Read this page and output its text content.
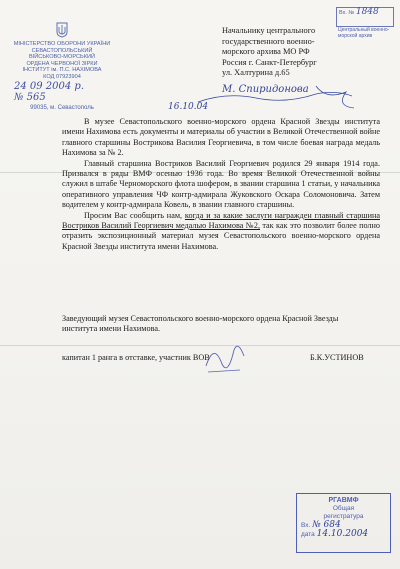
МІНІСТЕРСТВО ОБОРОНИ УКРАЇНИ
СЕВАСТОПОЛЬСЬКИЙ
ВІЙСЬКОВО-МОРСЬКИЙ
ОРДЕНА ЧЕРВОНОЇ ЗІРКИ
ІНСТИТУТ ім. П.С. НАХІМОВА
КОД 07923904
24 09 2004 р.
№ 565
99035, м. Севастополь
Вх. № 1848
Центральный военно-морской архив
Начальнику центрального
государственного военно-
морского архива МО РФ
Россия г. Санкт-Петербург
ул. Халтурина д.65
М. Спиридонова
16.10.04

В музее Севастопольского военно-морского ордена Красной Звезды института имени Нахимова есть документы и материалы об участии в Великой Отечественной войне главного старшины Вострикова Василия Георгиевича, в том числе боевая награда медаль Нахимова за № 2.

Главный старшина Востриков Василий Георгиевич родился 29 января 1914 года. Призвался в ряды ВМФ осенью 1936 года. Во время Великой Отечественной войны служил в штабе Черноморского флота шофером, в звании старшина 1 статьи, у начальника оперативного управления ЧФ контр-адмирала Жуковского Оскара Соломоновича. Затем водителем у контр-адмирала Ковель, в звании главного старшины.

Просим Вас сообщить нам, когда и за какие заслуги награжден главный старшина Востриков Василий Георгиевич медалью Нахимова №2, так как это позволит более полно отразить экспозиционный материал музея Севастопольского военно-морского ордена Красной Звезды института имени Нахимова.

Заведующий музея Севастопольского военно-морского ордена Красной Звезды института имени Нахимова.
капитан 1 ранга в отставке, участник ВОВ	Б.К.УСТИНОВ
РГАВМФ
Общая
регистратура
Вх. № 684
дата 14.10.2004
